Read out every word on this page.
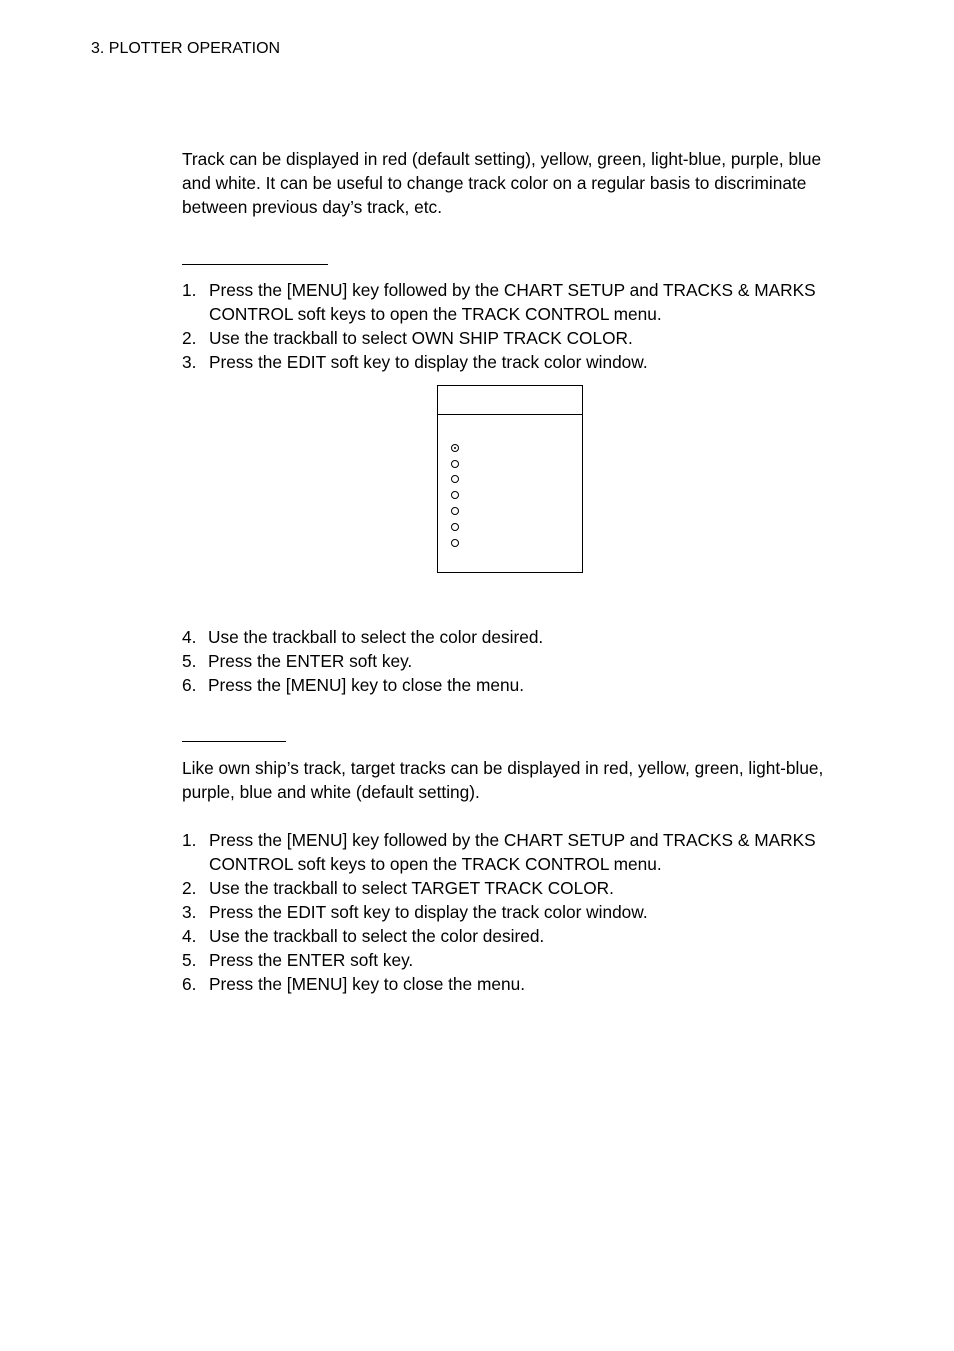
3. PLOTTER OPERATION
Track can be displayed in red (default setting), yellow, green, light-blue, purple, blue and white. It can be useful to change track color on a regular basis to discriminate between previous day’s track, etc.
1. Press the [MENU] key followed by the CHART SETUP and TRACKS & MARKS CONTROL soft keys to open the TRACK CONTROL menu.
2. Use the trackball to select OWN SHIP TRACK COLOR.
3. Press the EDIT soft key to display the track color window.
4. Use the trackball to select the color desired.
5. Press the ENTER soft key.
6. Press the [MENU] key to close the menu.
Like own ship’s track, target tracks can be displayed in red, yellow, green, light-blue, purple, blue and white (default setting).
1. Press the [MENU] key followed by the CHART SETUP and TRACKS & MARKS CONTROL soft keys to open the TRACK CONTROL menu.
2. Use the trackball to select TARGET TRACK COLOR.
3. Press the EDIT soft key to display the track color window.
4. Use the trackball to select the color desired.
5. Press the ENTER soft key.
6. Press the [MENU] key to close the menu.
